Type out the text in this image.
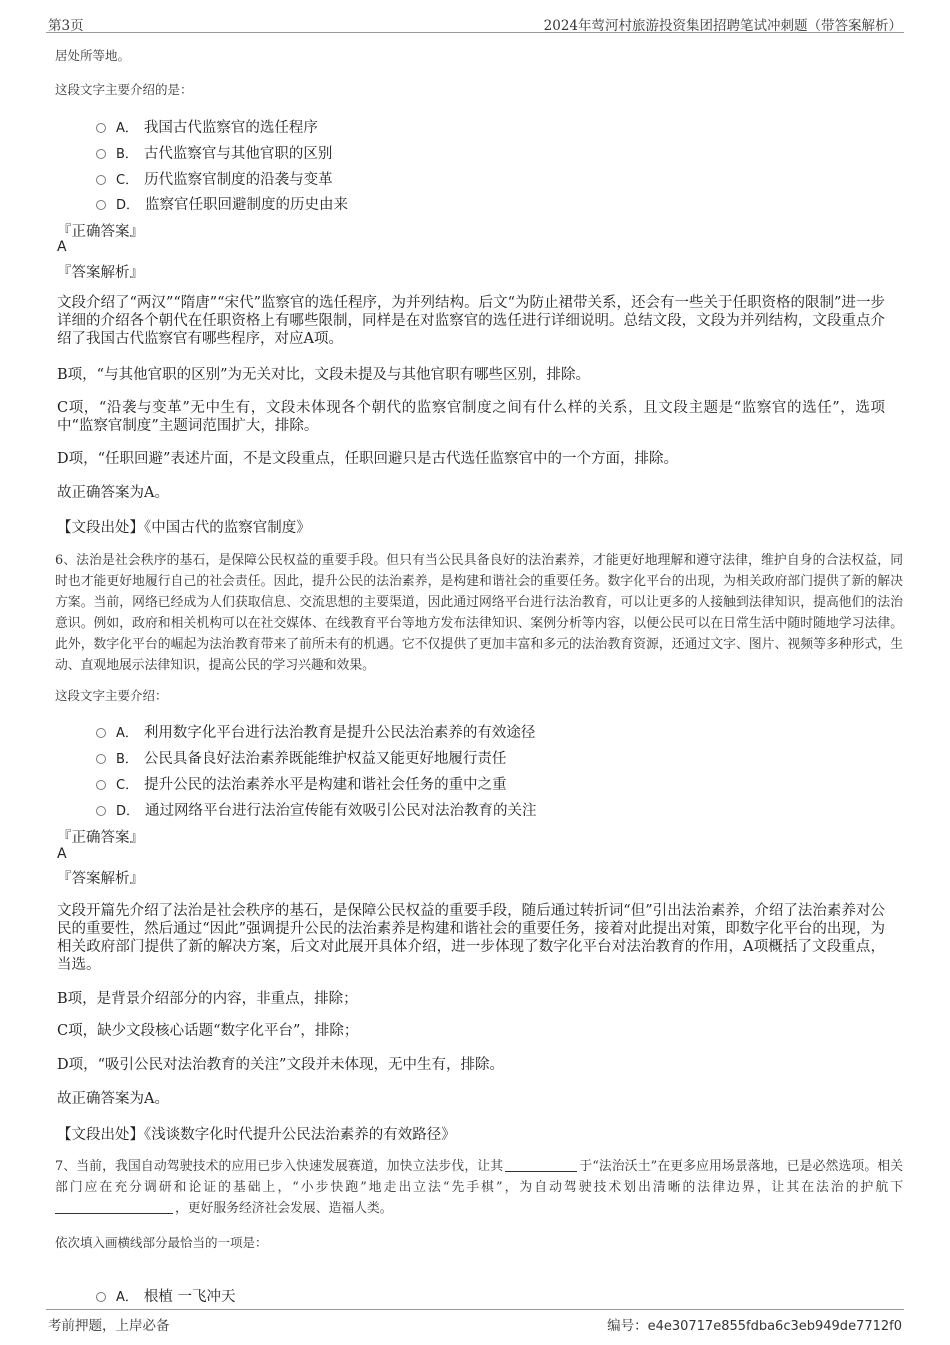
第3页	2024年莺河村旅游投资集团招聘笔试冲刺题（带答案解析）
居处所等地。
这段文字主要介绍的是：
A． 我国古代监察官的选任程序
B． 古代监察官与其他官职的区别
C． 历代监察官制度的沿袭与变革
D． 监察官任职回避制度的历史由来
『正确答案』
A
『答案解析』
文段介绍了“两汉”“隋唐”“宋代”监察官的选任程序，为并列结构。后文“为防止裙带关系，还会有一些关于任职资格的限制”进一步详细的介绍各个朝代在任职资格上有哪些限制，同样是在对监察官的选任进行详细说明。总结文段，文段为并列结构，文段重点介绍了我国古代监察官有哪些程序，对应A项。
B项，“与其他官职的区别”为无关对比，文段未提及与其他官职有哪些区别，排除。
C项，“沿袭与变革”无中生有，文段未体现各个朝代的监察官制度之间有什么样的关系，且文段主题是“监察官的选任”，选项中“监察官制度”主题词范围扩大，排除。
D项，“任职回避”表述片面，不是文段重点，任职回避只是古代选任监察官中的一个方面，排除。
故正确答案为A。
【文段出处】《中国古代的监察官制度》
6、法治是社会秩序的基石，是保障公民权益的重要手段。但只有当公民具备良好的法治素养，才能更好地理解和遵守法律，维护自身的合法权益，同时也才能更好地履行自己的社会责任。因此，提升公民的法治素养，是构建和谐社会的重要任务。数字化平台的出现，为相关政府部门提供了新的解决方案。当前，网络已经成为人们获取信息、交流思想的主要渠道，因此通过网络平台进行法治教育，可以让更多的人接触到法律知识，提高他们的法治意识。例如，政府和相关机构可以在社交媒体、在线教育平台等地方发布法律知识、案例分析等内容，以便公民可以在日常生活中随时随地学习法律。此外，数字化平台的崛起为法治教育带来了前所未有的机遇。它不仅提供了更加丰富和多元的法治教育资源，还通过文字、图片、视频等多种形式，生动、直观地展示法律知识，提高公民的学习兴趣和效果。
这段文字主要介绍：
A． 利用数字化平台进行法治教育是提升公民法治素养的有效途径
B． 公民具备良好法治素养既能维护权益又能更好地履行责任
C． 提升公民的法治素养水平是构建和谐社会任务的重中之重
D． 通过网络平台进行法治宣传能有效吸引公民对法治教育的关注
『正确答案』
A
『答案解析』
文段开篇先介绍了法治是社会秩序的基石，是保障公民权益的重要手段，随后通过转折词“但”引出法治素养，介绍了法治素养对公民的重要性，然后通过“因此”强调提升公民的法治素养是构建和谐社会的重要任务，接着对此提出对策，即数字化平台的出现，为相关政府部门提供了新的解决方案，后文对此展开具体介绍，进一步体现了数字化平台对法治教育的作用，A项概括了文段重点，当选。
B项，是背景介绍部分的内容，非重点，排除；
C项，缺少文段核心话题“数字化平台”，排除；
D项，“吸引公民对法治教育的关注”文段并未体现，无中生有，排除。
故正确答案为A。
【文段出处】《浅谈数字化时代提升公民法治素养的有效路径》
7、当前，我国自动驾驶技术的应用已步入快速发展赛道，加快立法步伐，让其	于“法治沃土”在更多应用场景落地，已是必然选项。相关部门应在充分调研和论证的基础上，“小步快跑”地走出立法“先手棋”，为自动驾驶技术划出清晰的法律边界，让其在法治的护航下，更好服务经济社会发展、造福人类。
依次填入画横线部分最恰当的一项是：
A． 根植 一飞冲天
考前押题，上岸必备	编号：e4e30717e855fdba6c3eb949de7712f0
